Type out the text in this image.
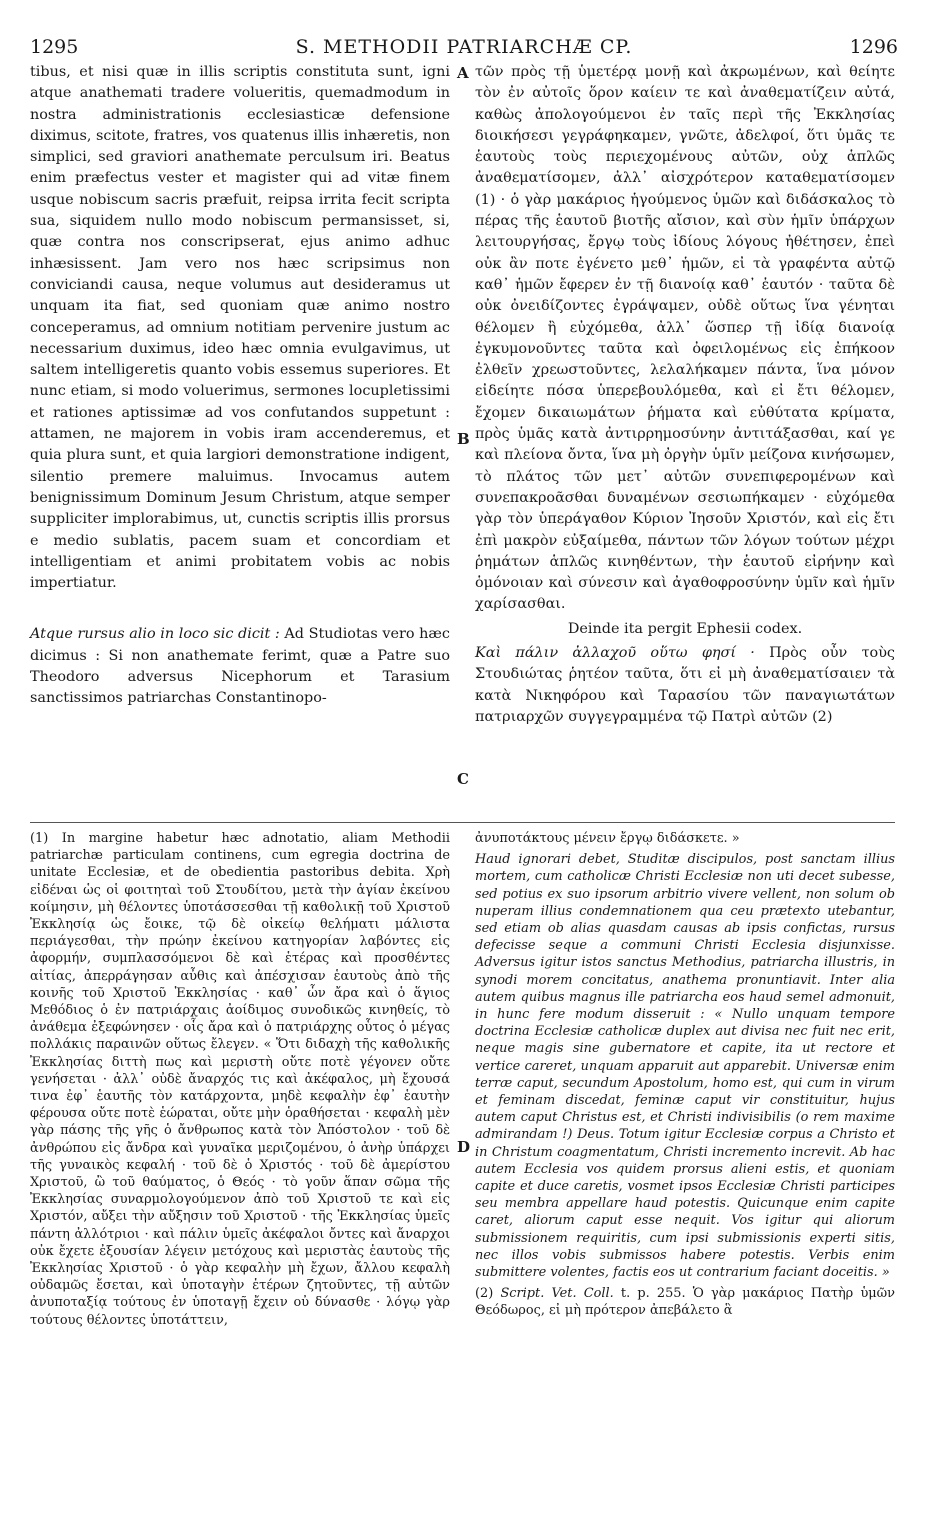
1295	S. METHODII PATRIARCHÆ CP.	1296
A
B
C
D

tibus, et nisi quæ in illis scriptis constituta sunt, igni atque anathemati tradere volueritis, quemadmodum in nostra administrationis ecclesiasticæ defensione diximus, scitote, fratres, vos quatenus illis inhæretis, non simplici, sed graviori anathemate perculsum iri. Beatus enim præfectus vester et magister qui ad vitæ finem usque nobiscum sacris præfuit, reipsa irrita fecit scripta sua, siquidem nullo modo nobiscum permansisset, si, quæ contra nos conscripserat, ejus animo adhuc inhæsissent. Jam vero nos hæc scripsimus non conviciandi causa, neque volumus aut desideramus ut unquam ita fiat, sed quoniam quæ animo nostro conceperamus, ad omnium notitiam pervenire justum ac necessarium duximus, ideo hæc omnia evulgavimus, ut saltem intelligeretis quanto vobis essemus superiores. Et nunc etiam, si modo voluerimus, sermones locupletissimi et rationes aptissimæ ad vos confutandos suppetunt : attamen, ne majorem in vobis iram accenderemus, et quia plura sunt, et quia largiori demonstratione indigent, silentio premere maluimus. Invocamus autem benignissimum Dominum Jesum Christum, atque semper suppliciter implorabimus, ut, cunctis scriptis illis prorsus e medio sublatis, pacem suam et concordiam et intelligentiam et animi probitatem vobis ac nobis impertiatur.

Atque rursus alio in loco sic dicit : Ad Studiotas vero hæc dicimus : Si non anathemate ferimt, quæ a Patre suo Theodoro adversus Nicephorum et Tarasium sanctissimos patriarchas Constantinopo-

τῶν πρὸς τῇ ὑμετέρᾳ μονῇ καὶ ἀκρωμένων, καὶ θείητε τὸν ἐν αὐτοῖς ὅρον καίειν τε καὶ ἀναθεματίζειν αὐτά, καθὼς ἀπολογούμενοι ἐν ταῖς περὶ τῆς Ἐκκλησίας διοικήσεσι γεγράφηκαμεν, γνῶτε, ἀδελφοί, ὅτι ὑμᾶς τε ἑαυτοὺς τοὺς περιεχομένους αὐτῶν, οὐχ ἁπλῶς ἀναθεματίσομεν, ἀλλ᾽ αἰσχρότερον καταθεματίσομεν (1) · ὁ γὰρ μακάριος ἡγούμενος ὑμῶν καὶ διδάσκαλος τὸ πέρας τῆς ἑαυτοῦ βιοτῆς αἴσιον, καὶ σὺν ἡμῖν ὑπάρχων λειτουργήσας, ἔργῳ τοὺς ἰδίους λόγους ἠθέτησεν, ἐπεὶ οὐκ ἂν ποτε ἐγένετο μεθ᾽ ἡμῶν, εἰ τὰ γραφέντα αὐτῷ καθ᾽ ἡμῶν ἔφερεν ἐν τῇ διανοίᾳ καθ᾽ ἑαυτόν · ταῦτα δὲ οὐκ ὀνειδίζοντες ἐγράψαμεν, οὐδὲ οὕτως ἵνα γένηται θέλομεν ἢ εὐχόμεθα, ἀλλ᾽ ὥσπερ τῇ ἰδίᾳ διανοίᾳ ἐγκυμονοῦντες ταῦτα καὶ ὀφειλομένως εἰς ἐπήκοον ἐλθεῖν χρεωστοῦντες, λελαλήκαμεν πάντα, ἵνα μόνον εἰδείητε πόσα ὑπερεβουλόμεθα, καὶ εἰ ἔτι θέλομεν, ἔχομεν δικαιωμάτων ῥήματα καὶ εὐθύτατα κρίματα, πρὸς ὑμᾶς κατὰ ἀντιρρημοσύνην ἀντιτάξασθαι, καί γε καὶ πλείονα ὄντα, ἵνα μὴ ὀργὴν ὑμῖν μείζονα κινήσωμεν, τὸ πλάτος τῶν μετ᾽ αὐτῶν συνεπιφερομένων καὶ συνεπακροᾶσθαι δυναμένων σεσιωπήκαμεν · εὐχόμεθα γὰρ τὸν ὑπεράγαθον Κύριον Ἰησοῦν Χριστόν, καὶ εἰς ἔτι ἐπὶ μακρὸν εὐξαίμεθα, πάντων τῶν λόγων τούτων μέχρι ῥημάτων ἁπλῶς κινηθέντων, τὴν ἑαυτοῦ εἰρήνην καὶ ὁμόνοιαν καὶ σύνεσιν καὶ ἀγαθοφροσύνην ὑμῖν καὶ ἡμῖν χαρίσασθαι.

Deinde ita pergit Ephesii codex.

Καὶ πάλιν ἀλλαχοῦ οὕτω φησί · Πρὸς οὖν τοὺς Στουδιώτας ῥητέον ταῦτα, ὅτι εἰ μὴ ἀναθεματίσαιεν τὰ κατὰ Νικηφόρου καὶ Ταρασίου τῶν παναγιωτάτων πατριαρχῶν συγγεγραμμένα τῷ Πατρὶ αὐτῶν (2)

(1) In margine habetur hæc adnotatio, aliam Methodii patriarchæ particulam continens, cum egregia doctrina de unitate Ecclesiæ, et de obedientia pastoribus debita. Χρὴ εἰδέναι ὡς οἱ φοιτηταὶ τοῦ Στουδίτου, μετὰ τὴν ἁγίαν ἐκείνου κοίμησιν, μὴ θέλοντες ὑποτάσσεσθαι τῇ καθολικῇ τοῦ Χριστοῦ Ἐκκλησίᾳ ὡς ἔοικε, τῷ δὲ οἰκείῳ θελήματι μάλιστα περιάγεσθαι, τὴν πρώην ἐκείνου κατηγορίαν λαβόντες εἰς ἀφορμήν, συμπλασσόμενοι δὲ καὶ ἑτέρας καὶ προσθέντες αἰτίας, ἀπερράγησαν αὖθις καὶ ἀπέσχισαν ἑαυτοὺς ἀπὸ τῆς κοινῆς τοῦ Χριστοῦ Ἐκκλησίας · καθ᾽ ὧν ἄρα καὶ ὁ ἅγιος Μεθόδιος ὁ ἐν πατριάρχαις ἀοίδιμος συνοδικῶς κινηθείς, τὸ ἀνάθεμα ἐξεφώνησεν · οἷς ἄρα καὶ ὁ πατριάρχης οὗτος ὁ μέγας πολλάκις παραινῶν οὕτως ἔλεγεν. « Ὅτι διδαχὴ τῆς καθολικῆς Ἐκκλησίας διττὴ πως καὶ μεριστὴ οὔτε ποτὲ γέγονεν οὔτε γενήσεται · ἀλλ᾽ οὐδὲ ἄναρχός τις καὶ ἀκέφαλος, μὴ ἔχουσά τινα ἐφ᾽ ἑαυτῆς τὸν κατάρχοντα, μηδὲ κεφαλὴν ἐφ᾽ ἑαυτὴν φέρουσα οὔτε ποτὲ ἑώραται, οὔτε μὴν ὁραθήσεται · κεφαλὴ μὲν γὰρ πάσης τῆς γῆς ὁ ἄνθρωπος κατὰ τὸν Ἀπόστολον · τοῦ δὲ ἀνθρώπου εἰς ἄνδρα καὶ γυναῖκα μεριζομένου, ὁ ἀνὴρ ὑπάρχει τῆς γυναικὸς κεφαλή · τοῦ δὲ ὁ Χριστός · τοῦ δὲ ἀμερίστου Χριστοῦ, ὢ τοῦ θαύματος, ὁ Θεός · τὸ γοῦν ἅπαν σῶμα τῆς Ἐκκλησίας συναρμολογούμενον ἀπὸ τοῦ Χριστοῦ τε καὶ εἰς Χριστόν, αὔξει τὴν αὔξησιν τοῦ Χριστοῦ · τῆς Ἐκκλησίας ὑμεῖς πάντη ἀλλότριοι · καὶ πάλιν ὑμεῖς ἀκέφαλοι ὄντες καὶ ἄναρχοι οὐκ ἔχετε ἐξουσίαν λέγειν μετόχους καὶ μεριστὰς ἑαυτοὺς τῆς Ἐκκλησίας Χριστοῦ · ὁ γὰρ κεφαλὴν μὴ ἔχων, ἄλλου κεφαλὴ οὐδαμῶς ἔσεται, καὶ ὑποταγὴν ἑτέρων ζητοῦντες, τῇ αὐτῶν ἀνυποταξίᾳ τούτους ἐν ὑποταγῇ ἔχειν οὐ δύνασθε · λόγῳ γὰρ τούτους θέλοντες ὑποτάττειν,

ἀνυποτάκτους μένειν ἔργῳ διδάσκετε. »

Haud ignorari debet, Studitæ discipulos, post sanctam illius mortem, cum catholicæ Christi Ecclesiæ non uti decet subesse, sed potius ex suo ipsorum arbitrio vivere vellent, non solum ob nuperam illius condemnationem qua ceu prætexto utebantur, sed etiam ob alias quasdam causas ab ipsis confictas, rursus defecisse seque a communi Christi Ecclesia disjunxisse. Adversus igitur istos sanctus Methodius, patriarcha illustris, in synodi morem concitatus, anathema pronuntiavit. Inter alia autem quibus magnus ille patriarcha eos haud semel admonuit, in hunc fere modum disseruit : « Nullo unquam tempore doctrina Ecclesiæ catholicæ duplex aut divisa nec fuit nec erit, neque magis sine gubernatore et capite, ita ut rectore et vertice careret, unquam apparuit aut apparebit. Universæ enim terræ caput, secundum Apostolum, homo est, qui cum in virum et feminam discedat, feminæ caput vir constituitur, hujus autem caput Christus est, et Christi indivisibilis (o rem maxime admirandam !) Deus. Totum igitur Ecclesiæ corpus a Christo et in Christum coagmentatum, Christi incremento increvit. Ab hac autem Ecclesia vos quidem prorsus alieni estis, et quoniam capite et duce caretis, vosmet ipsos Ecclesiæ Christi participes seu membra appellare haud potestis. Quicunque enim capite caret, aliorum caput esse nequit. Vos igitur qui aliorum submissionem requiritis, cum ipsi submissionis experti sitis, nec illos vobis submissos habere potestis. Verbis enim submittere volentes, factis eos ut contrarium faciant doceitis. »

(2) Script. Vet. Coll. t. p. 255. Ὁ γὰρ μακάριος Πατὴρ ὑμῶν Θεόδωρος, εἰ μὴ πρότερον ἀπεβάλετο ἃ
